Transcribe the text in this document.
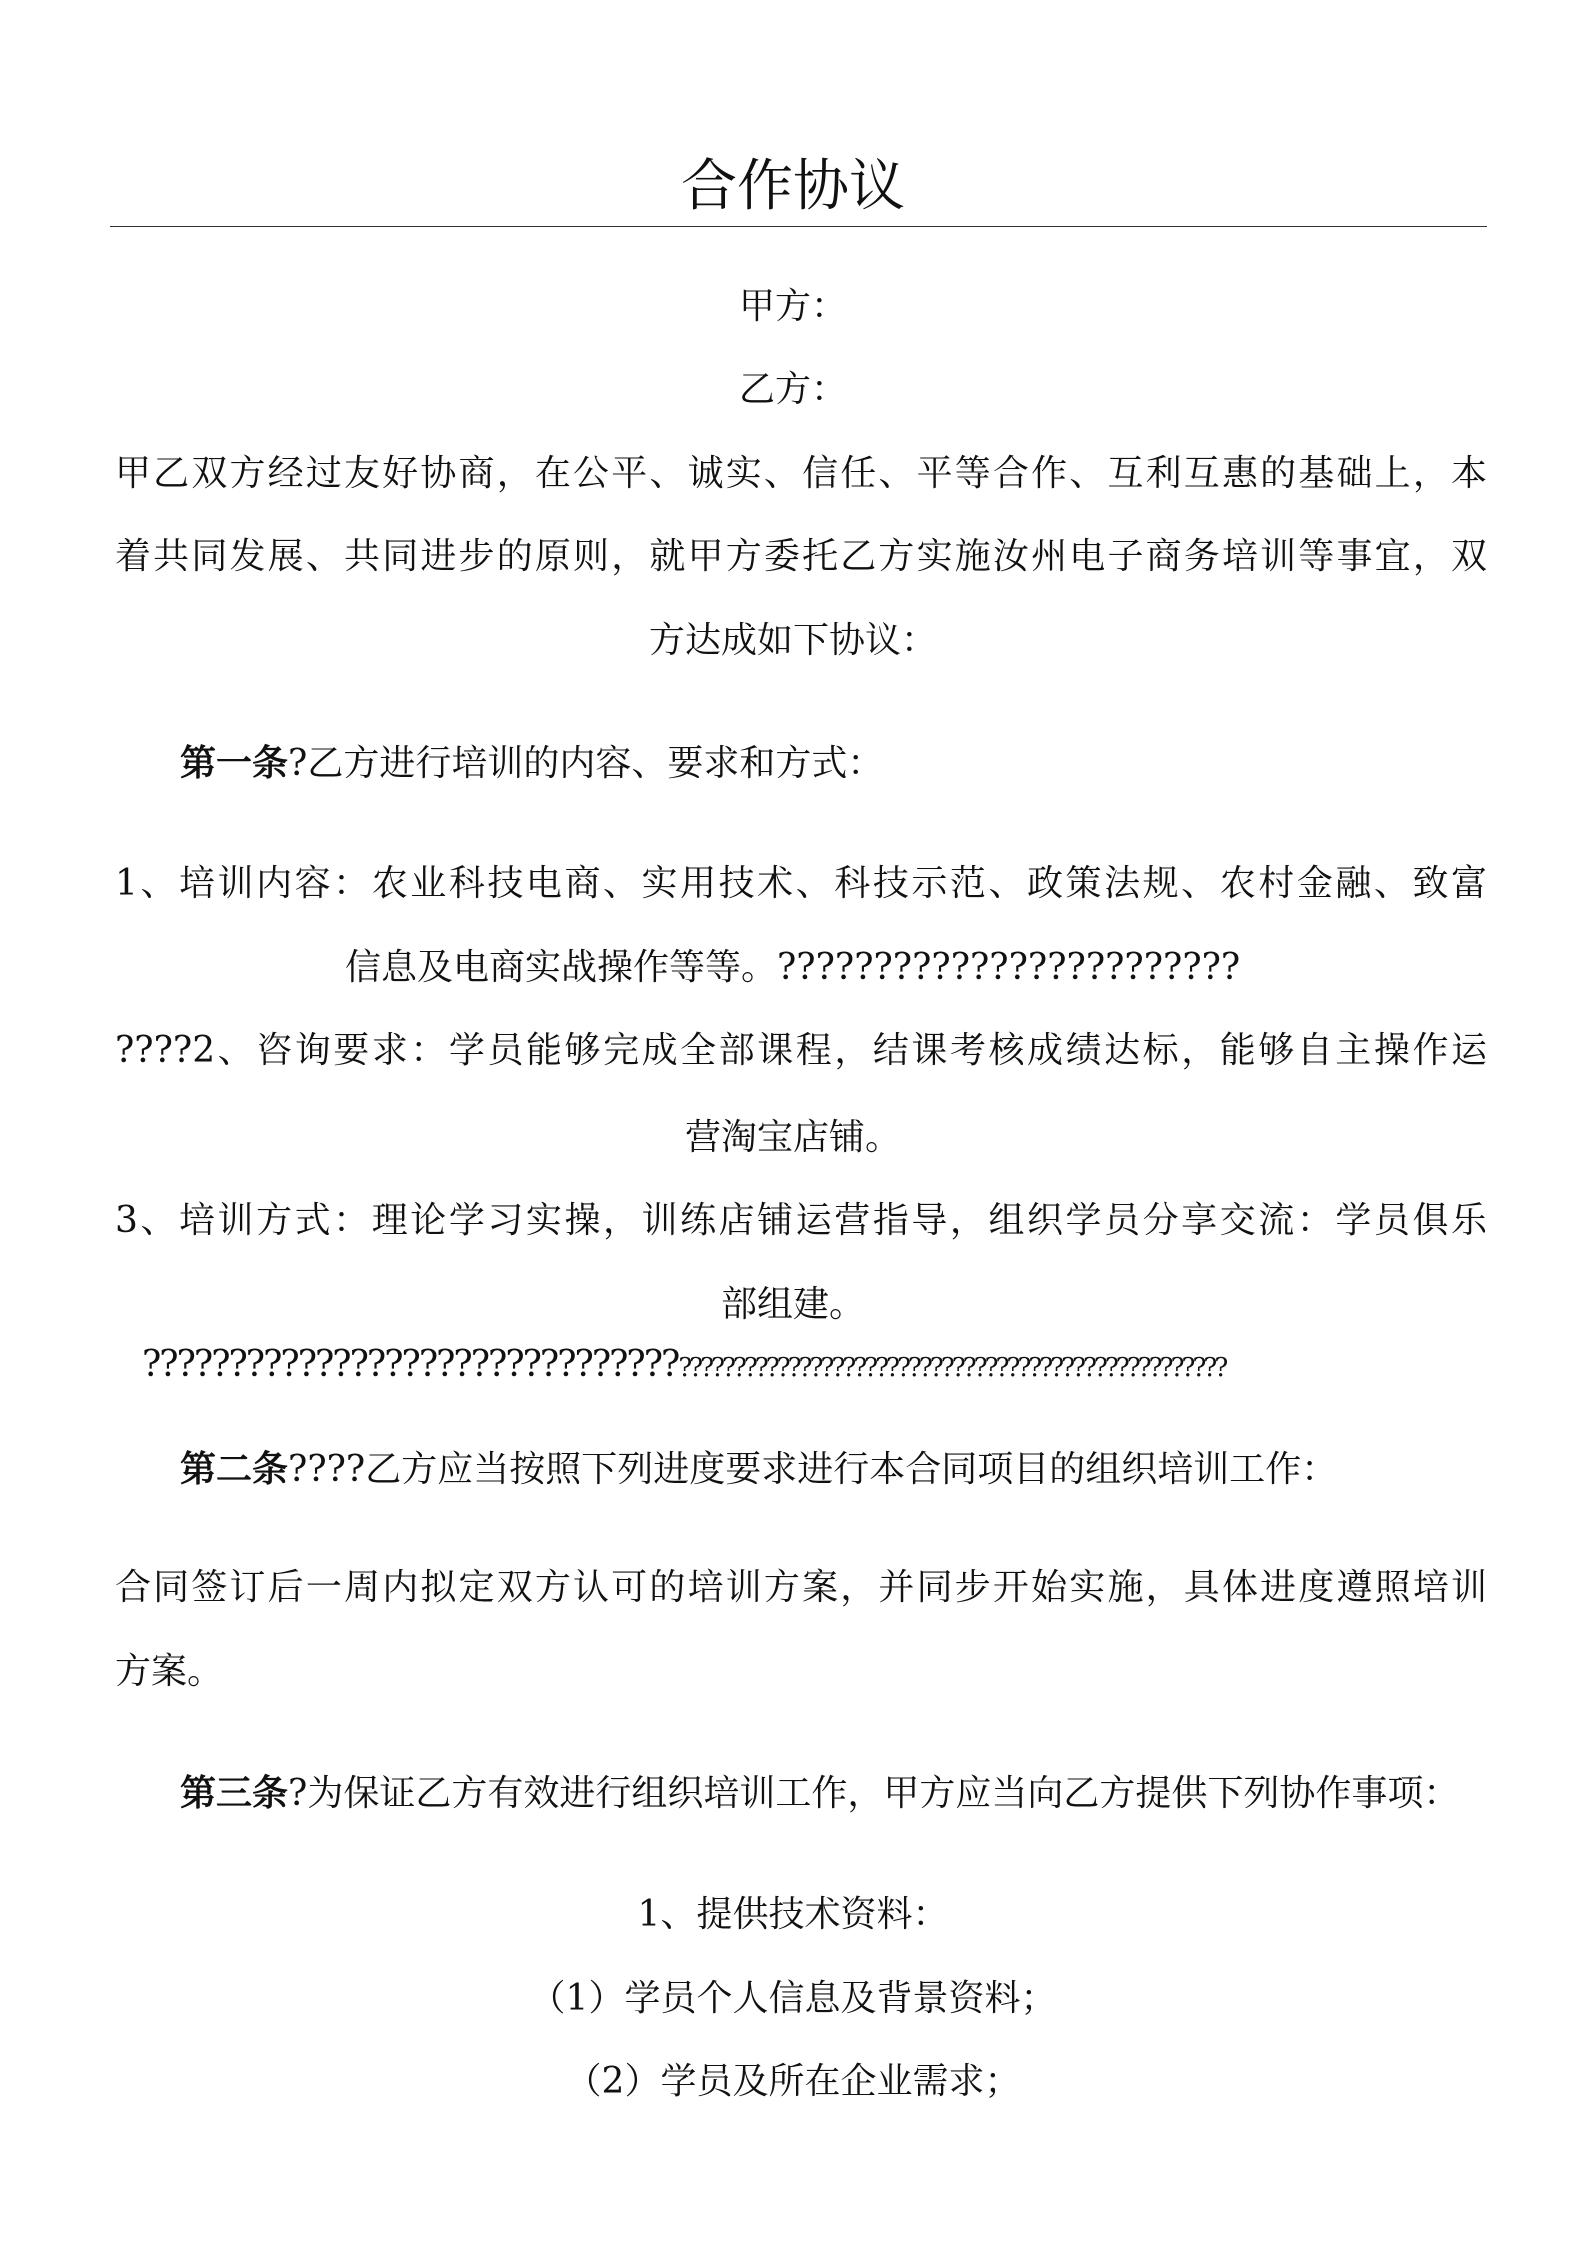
合作协议
甲方：
乙方：
甲乙双方经过友好协商，在公平、诚实、信任、平等合作、互利互惠的基础上，本
着共同发展、共同进步的原则，就甲方委托乙方实施汝州电子商务培训等事宜，双
方达成如下协议：
第一条?乙方进行培训的内容、要求和方式：
1、培训内容：农业科技电商、实用技术、科技示范、政策法规、农村金融、致富
信息及电商实战操作等等。????????????????????????
????2、咨询要求：学员能够完成全部课程，结课考核成绩达标，能够自主操作运
营淘宝店铺。
3、培训方式：理论学习实操，训练店铺运营指导，组织学员分享交流：学员俱乐
部组建。
?????????????????????????????????????????????????????????????????????????????????
第二条????乙方应当按照下列进度要求进行本合同项目的组织培训工作：
合同签订后一周内拟定双方认可的培训方案，并同步开始实施，具体进度遵照培训
方案。
第三条?为保证乙方有效进行组织培训工作，甲方应当向乙方提供下列协作事项：
1、提供技术资料：
（1）学员个人信息及背景资料；
（2）学员及所在企业需求；
